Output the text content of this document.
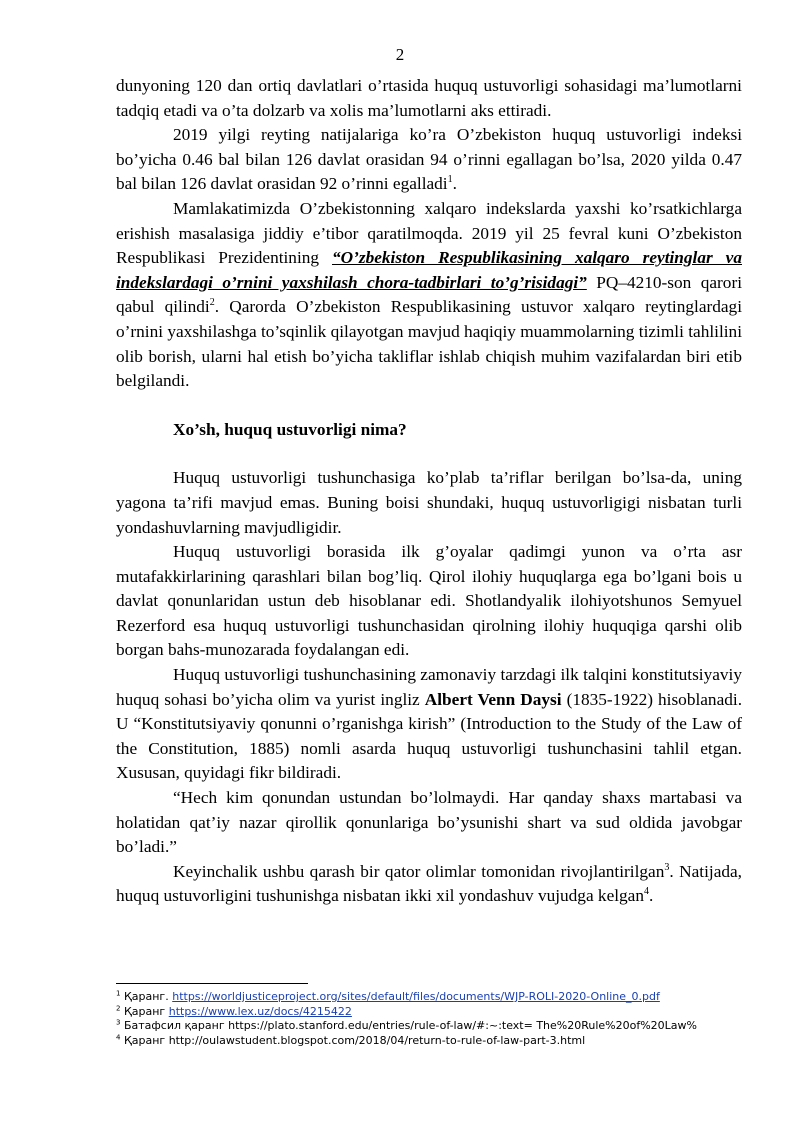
2

dunyoning 120 dan ortiq davlatlari o’rtasida huquq ustuvorligi sohasidagi ma’lumotlarni tadqiq etadi va o’ta dolzarb va xolis ma’lumotlarni aks ettiradi.

2019 yilgi reyting natijalariga ko’ra O’zbekiston huquq ustuvorligi indeksi bo’yicha 0.46 bal bilan 126 davlat orasidan 94 o’rinni egallagan bo’lsa, 2020 yilda 0.47 bal bilan 126 davlat orasidan 92 o’rinni egalladi$^1$.

Mamlakatimizda O’zbekistonning xalqaro indekslarda yaxshi ko’rsatkichlarga erishish masalasiga jiddiy e’tibor qaratilmoqda. 2019 yil 25 fevral kuni O’zbekiston Respublikasi Prezidentining “O’zbekiston Respublikasining xalqaro reytinglar va indekslardagi o’rnini yaxshilash chora-tadbirlari to’g’risidagi” PQ–4210-son qarori qabul qilindi$^2$. Qarorda O’zbekiston Respublikasining ustuvor xalqaro reytinglardagi o’rnini yaxshilashga to’sqinlik qilayotgan mavjud haqiqiy muammolarning tizimli tahlilini olib borish, ularni hal etish bo’yicha takliflar ishlab chiqish muhim vazifalardan biri etib belgilandi.

Xo’sh, huquq ustuvorligi nima?

Huquq ustuvorligi tushunchasiga ko’plab ta’riflar berilgan bo’lsa-da, uning yagona ta’rifi mavjud emas. Buning boisi shundaki, huquq ustuvorligigi nisbatan turli yondashuvlarning mavjudligidir.

Huquq ustuvorligi borasida ilk g’oyalar qadimgi yunon va o’rta asr mutafakkirlarining qarashlari bilan bog’liq. Qirol ilohiy huquqlarga ega bo’lgani bois u davlat qonunlaridan ustun deb hisoblanar edi. Shotlandyalik ilohiyotshunos Semyuel Rezerford esa huquq ustuvorligi tushunchasidan qirolning ilohiy huquqiga qarshi olib borgan bahs-munozarada foydalangan edi.

Huquq ustuvorligi tushunchasining zamonaviy tarzdagi ilk talqini konstitutsiyaviy huquq sohasi bo’yicha olim va yurist ingliz Albert Venn Daysi (1835-1922) hisoblanadi. U “Konstitutsiyaviy qonunni o’rganishga kirish” (Introduction to the Study of the Law of the Constitution, 1885) nomli asarda huquq ustuvorligi tushunchasini tahlil etgan. Xususan, quyidagi fikr bildiradi.

“Hech kim qonundan ustundan bo’lolmaydi. Har qanday shaxs martabasi va holatidan qat’iy nazar qirollik qonunlariga bo’ysunishi shart va sud oldida javobgar bo’ladi.”

Keyinchalik ushbu qarash bir qator olimlar tomonidan rivojlantirilgan$^3$. Natijada, huquq ustuvorligini tushunishga nisbatan ikki xil yondashuv vujudga kelgan$^4$.

$^1$ Қаранг. https://worldjusticeproject.org/sites/default/files/documents/WJP-ROLI-2020-Online_0.pdf
$^2$ Қаранг https://www.lex.uz/docs/4215422
$^3$ Батафсил қаранг https://plato.stanford.edu/entries/rule-of-law/#:~:text= The%20Rule%20of%20Law%
$^4$ Қаранг http://oulawstudent.blogspot.com/2018/04/return-to-rule-of-law-part-3.html
